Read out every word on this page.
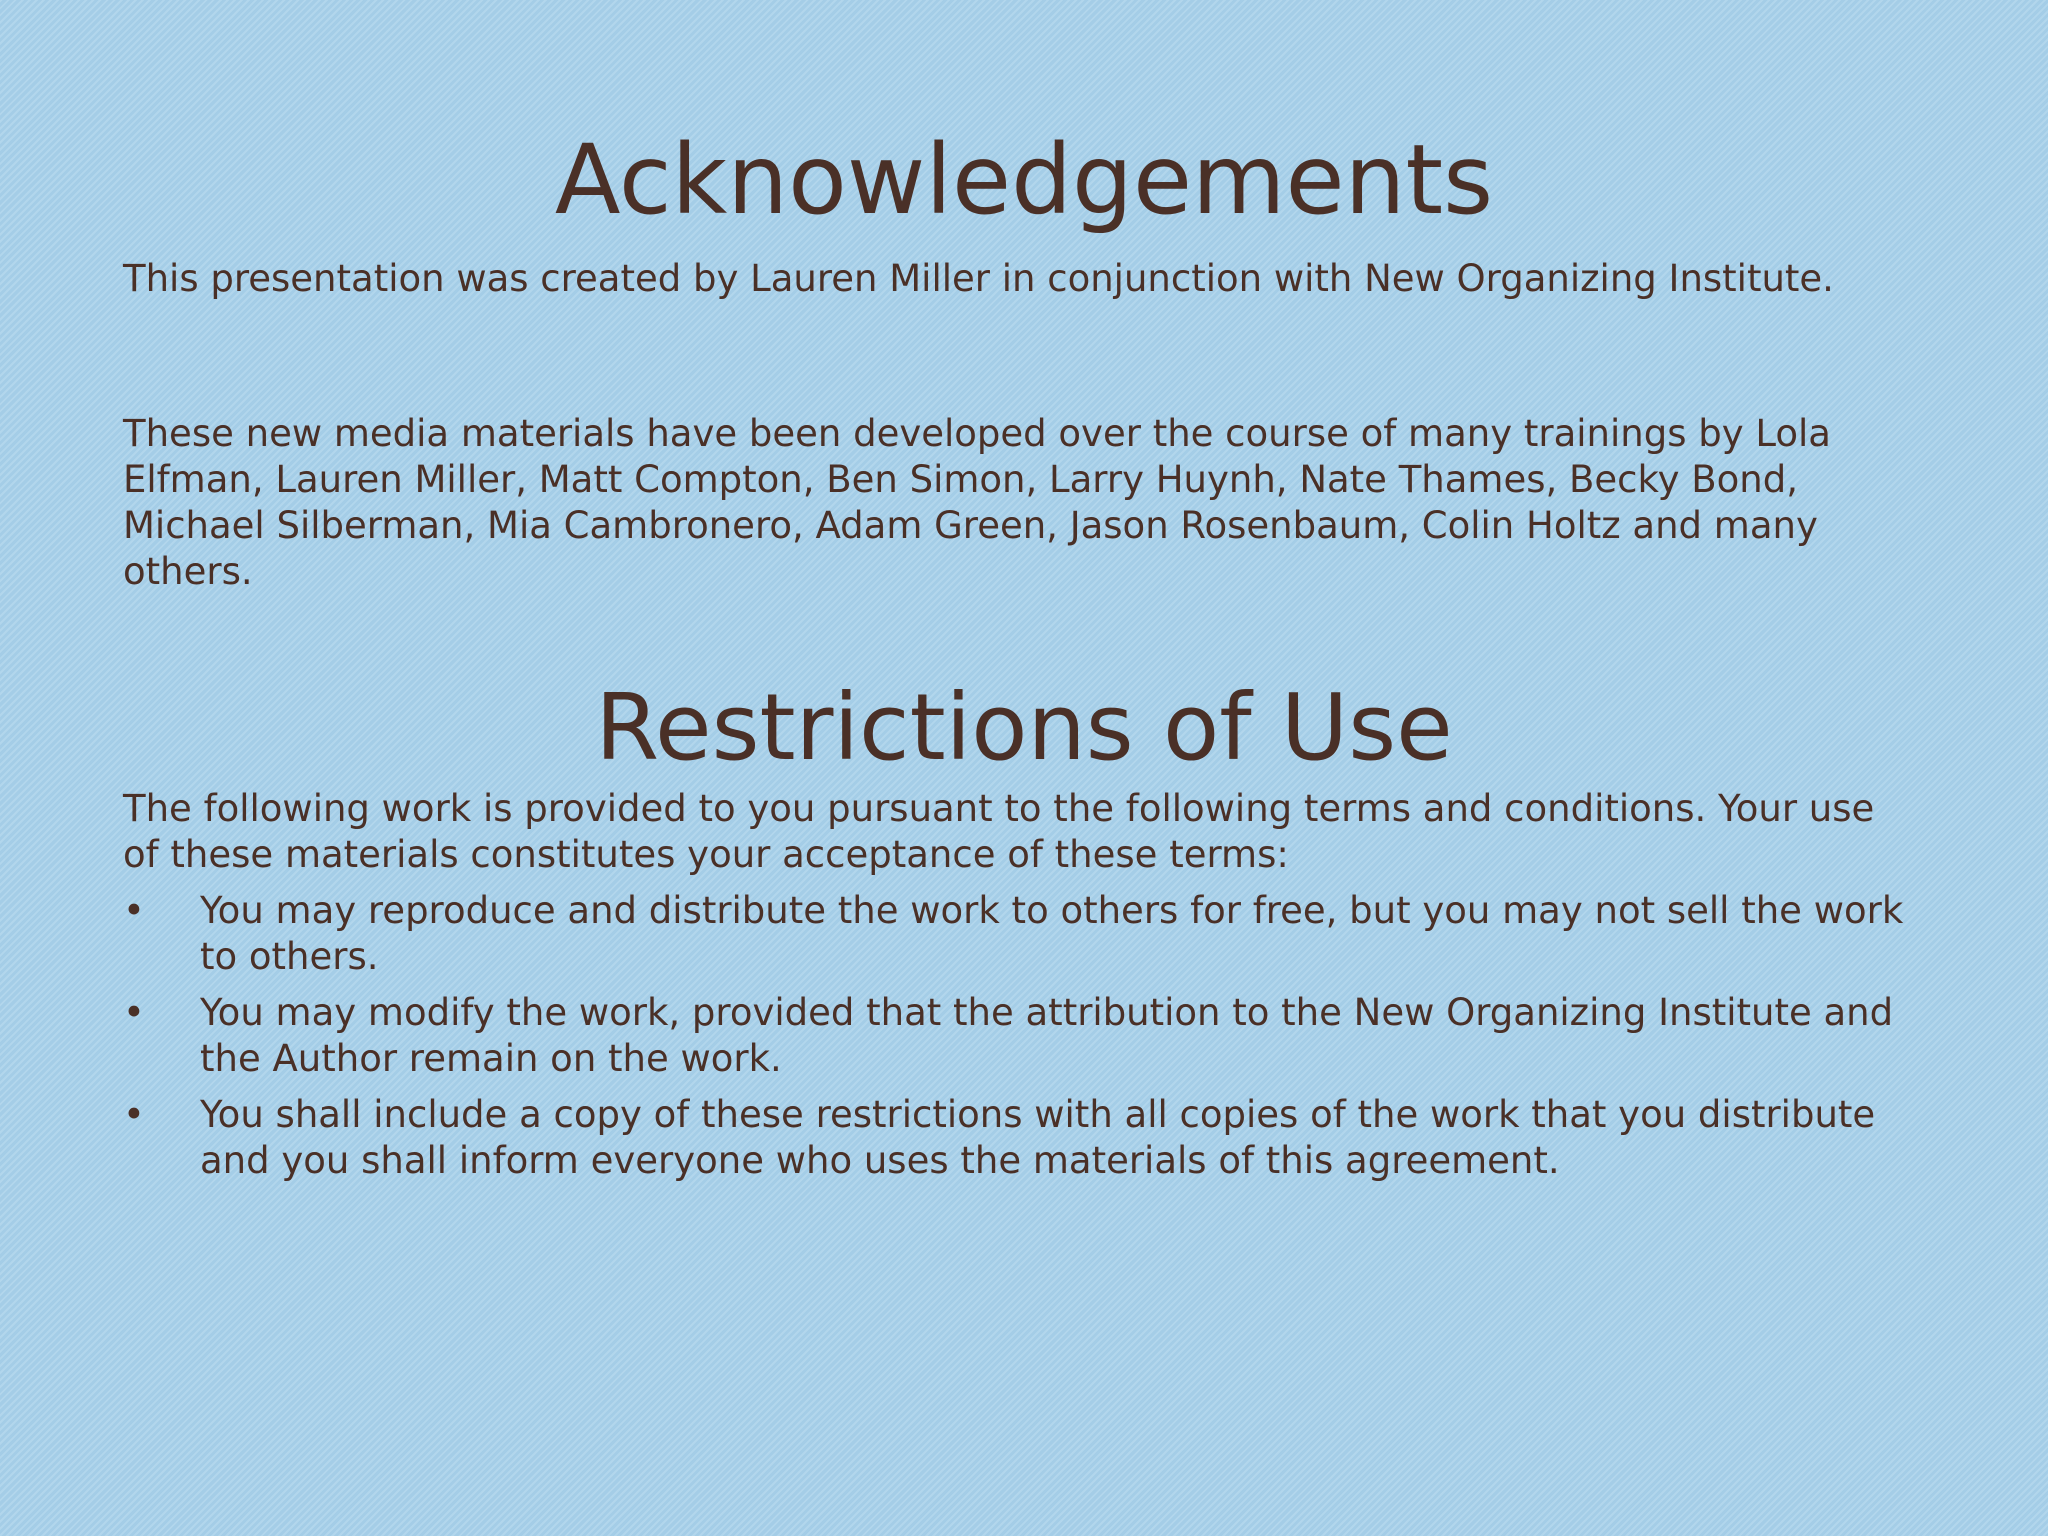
Acknowledgements

This presentation was created by Lauren Miller in conjunction with New Organizing Institute.

These new media materials have been developed over the course of many trainings by Lola Elfman, Lauren Miller, Matt Compton, Ben Simon, Larry Huynh, Nate Thames, Becky Bond, Michael Silberman, Mia Cambronero, Adam Green, Jason Rosenbaum, Colin Holtz and many others.

Restrictions of Use

The following work is provided to you pursuant to the following terms and conditions. Your use of these materials constitutes your acceptance of these terms:

• You may reproduce and distribute the work to others for free, but you may not sell the work to others.
• You may modify the work, provided that the attribution to the New Organizing Institute and the Author remain on the work.
• You shall include a copy of these restrictions with all copies of the work that you distribute and you shall inform everyone who uses the materials of this agreement.
